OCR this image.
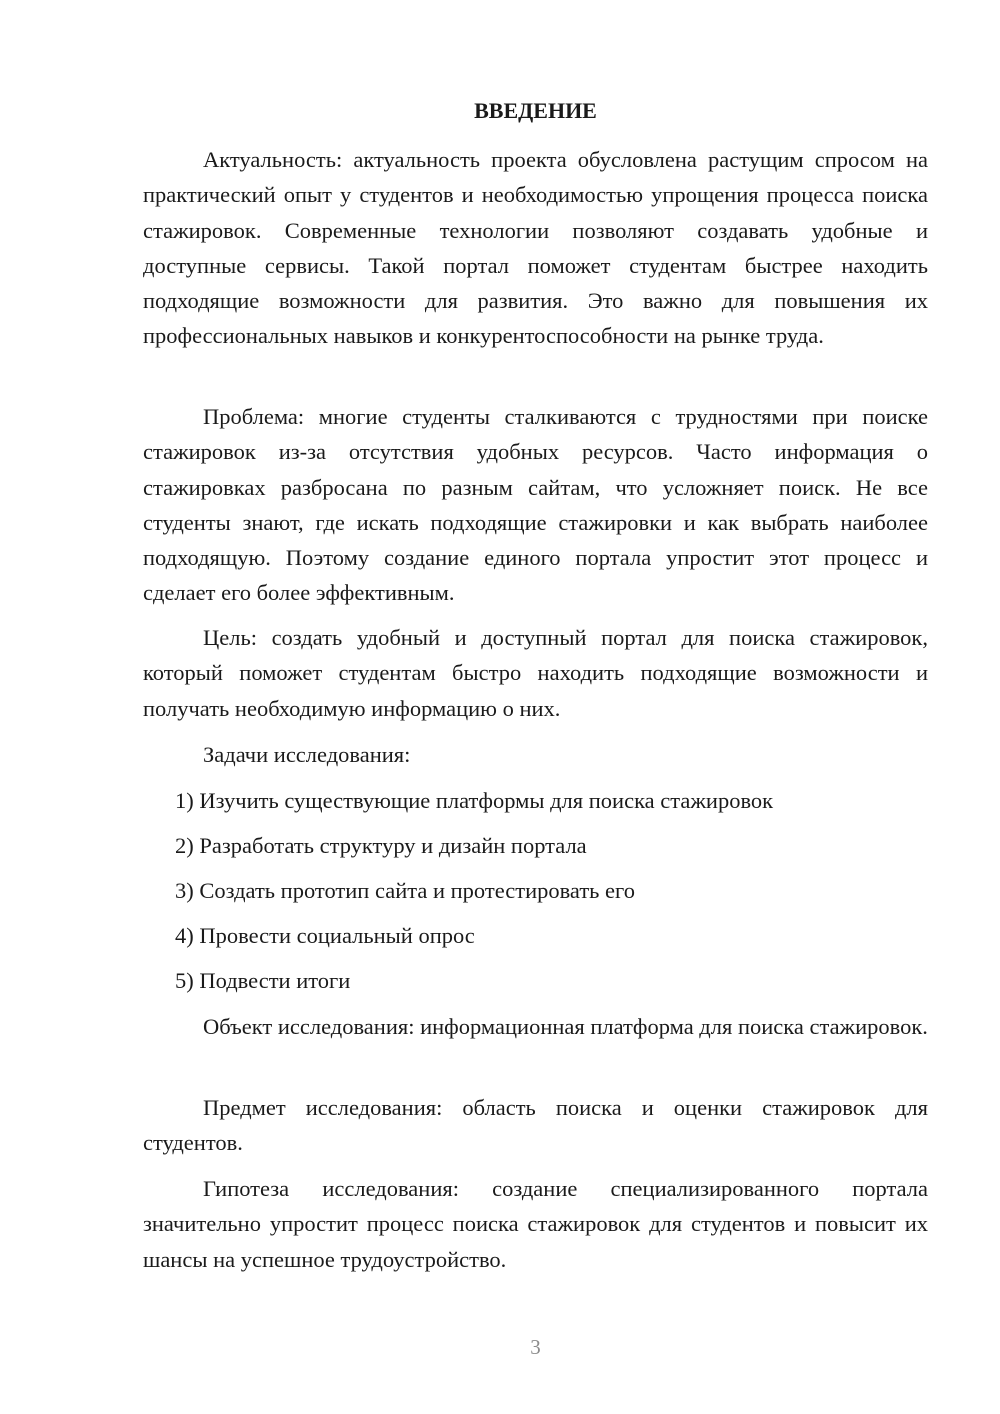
ВВЕДЕНИЕ

Актуальность: актуальность проекта обусловлена растущим спросом на практический опыт у студентов и необходимостью упрощения процесса поиска стажировок. Современные технологии позволяют создавать удобные и доступные сервисы. Такой портал поможет студентам быстрее находить подходящие возможности для развития. Это важно для повышения их профессиональных навыков и конкурентоспособности на рынке труда.

Проблема: многие студенты сталкиваются с трудностями при поиске стажировок из-за отсутствия удобных ресурсов. Часто информация о стажировках разбросана по разным сайтам, что усложняет поиск. Не все студенты знают, где искать подходящие стажировки и как выбрать наиболее подходящую. Поэтому создание единого портала упростит этот процесс и сделает его более эффективным.

Цель: создать удобный и доступный портал для поиска стажировок, который поможет студентам быстро находить подходящие возможности и получать необходимую информацию о них.

Задачи исследования:

1) Изучить существующие платформы для поиска стажировок

2) Разработать структуру и дизайн портала

3) Создать прототип сайта и протестировать его

4) Провести социальный опрос

5) Подвести итоги

Объект исследования: информационная платформа для поиска стажировок.

Предмет исследования: область поиска и оценки стажировок для студентов.

Гипотеза исследования: создание специализированного портала значительно упростит процесс поиска стажировок для студентов и повысит их шансы на успешное трудоустройство.

3
